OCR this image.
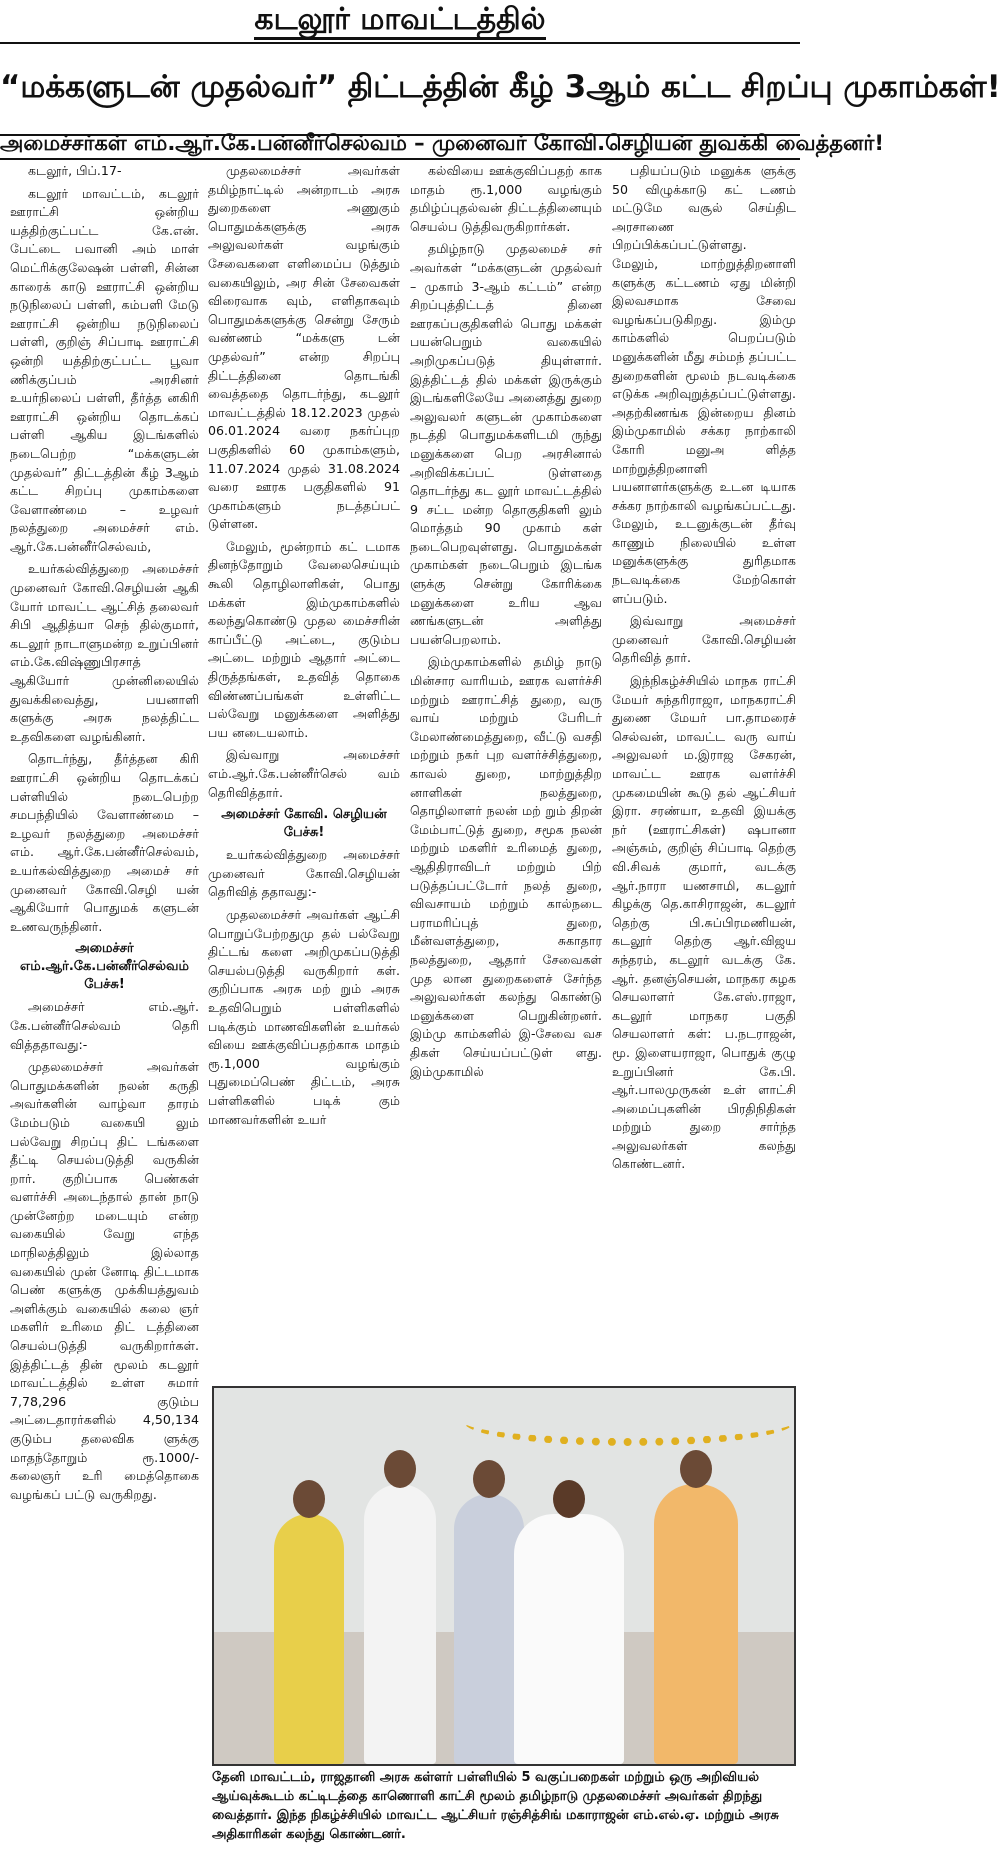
கடலூர் மாவட்டத்தில்
“மக்களுடன் முதல்வர்” திட்டத்தின் கீழ் 3ஆம் கட்ட சிறப்பு முகாம்கள்!
அமைச்சர்கள் எம்.ஆர்.கே.பன்னீர்செல்வம் – முனைவர் கோவி.செழியன் துவக்கி வைத்தனர்!

கடலூர், பிப்.17-

கடலூர் மாவட்டம், கடலூர் ஊராட்சி ஒன்றிய யத்திற்குட்பட்ட கே.என். பேட்டை பவானி அம் மாள் மெட்ரிக்குலேஷன் பள்ளி, சின்ன காரைக் காடு ஊராட்சி ஒன்றிய நடுநிலைப் பள்ளி, கம்பளி மேடு ஊராட்சி ஒன்றிய நடுநிலைப் பள்ளி, குறிஞ் சிப்பாடி ஊராட்சி ஒன்றி யத்திற்குட்பட்ட பூவா ணிக்குப்பம் அரசினர் உயர்நிலைப் பள்ளி, தீர்த்த னகிரி ஊராட்சி ஒன்றிய தொடக்கப் பள்ளி ஆகிய இடங்களில் நடைபெற்ற “மக்களுடன் முதல்வர்” திட்டத்தின் கீழ் 3ஆம் கட்ட சிறப்பு முகாம்களை வேளாண்மை – உழவர் நலத்துறை அமைச்சர் எம். ஆர்.கே.பன்னீர்செல்வம்,

உயர்கல்வித்துறை அமைச்சர் முனைவர் கோவி.செழியன் ஆகி யோர் மாவட்ட ஆட்சித் தலைவர் சிபி ஆதித்யா செந் தில்குமார், கடலூர் நாடாளுமன்ற உறுப்பினர் எம்.கே.விஷ்ணுபிரசாத் ஆகியோர் முன்னிலையில் துவக்கிவைத்து, பயனாளி களுக்கு அரசு நலத்திட்ட உதவிகளை வழங்கினர்.

தொடர்ந்து, தீர்த்தன கிரி ஊராட்சி ஒன்றிய தொடக்கப் பள்ளியில் நடைபெற்ற சமபந்தியில் வேளாண்மை – உழவர் நலத்துறை அமைச்சர் எம். ஆர்.கே.பன்னீர்செல்வம், உயர்கல்வித்துறை அமைச் சர் முனைவர் கோவி.செழி யன் ஆகியோர் பொதுமக் களுடன் உணவருந்தினர்.

அமைச்சர் எம்.ஆர்.கே.பன்னீர்செல்வம் பேச்சு!

அமைச்சர் எம்.ஆர். கே.பன்னீர்செல்வம் தெரி வித்ததாவது:-

முதலமைச்சர் அவர்கள் பொதுமக்களின் நலன் கருதி அவர்களின் வாழ்வா தாரம் மேம்படும் வகையி லும் பல்வேறு சிறப்பு திட் டங்களை தீட்டி செயல்படுத்தி வருகின் றார். குறிப்பாக பெண்கள் வளர்ச்சி அடைந்தால் தான் நாடு முன்னேற்ற மடையும் என்ற வகையில் வேறு எந்த மாநிலத்திலும் இல்லாத வகையில் முன் னோடி திட்டமாக பெண் களுக்கு முக்கியத்துவம் அளிக்கும் வகையில் கலை ஞர் மகளிர் உரிமை திட் டத்தினை செயல்படுத்தி வருகிறார்கள். இத்திட்டத் தின் மூலம் கடலூர் மாவட்டத்தில் உள்ள சுமார் 7,78,296 குடும்ப அட்டைதாரர்களில் 4,50,134 குடும்ப தலைவிக ளுக்கு மாதந்தோறும் ரூ.1000/- கலைஞர் உரி மைத்தொகை வழங்கப் பட்டு வருகிறது.

முதலமைச்சர் அவர்கள் தமிழ்நாட்டில் அன்றாடம் அரசு துறைகளை அணுகும் பொதுமக்களுக்கு அரசு அலுவலர்கள் வழங்கும் சேவைகளை எளிமைப்ப டுத்தும் வகையிலும், அர சின் சேவைகள் விரைவாக வும், எளிதாகவும் பொதுமக்களுக்கு சென்று சேரும் வண்ணம் “மக்களு டன் முதல்வர்” என்ற சிறப்பு திட்டத்தினை தொடங்கி வைத்ததை தொடர்ந்து, கடலூர் மாவட்டத்தில் 18.12.2023 முதல் 06.01.2024 வரை நகர்ப்புற பகுதிகளில் 60 முகாம்களும், 11.07.2024 முதல் 31.08.2024 வரை ஊரக பகுதிகளில் 91 முகாம்களும் நடத்தப்பட் டுள்ளன.

மேலும், மூன்றாம் கட் டமாக தினந்தோறும் வேலைசெய்யும் கூலி தொழிலாளிகள், பொது மக்கள் இம்முகாம்களில் கலந்துகொண்டு முதல மைச்சரின் காப்பீட்டு அட்டை, குடும்ப அட்டை மற்றும் ஆதார் அட்டை திருத்தங்கள், உதவித் தொகை விண்ணப்பங்கள் உள்ளிட்ட பல்வேறு மனுக்களை அளித்து பய னடையலாம்.

இவ்வாறு அமைச்சர் எம்.ஆர்.கே.பன்னீர்செல் வம் தெரிவித்தார்.

அமைச்சர் கோவி. செழியன் பேச்சு!

உயர்கல்வித்துறை அமைச்சர் முனைவர் கோவி.செழியன் தெரிவித் ததாவது:-

முதலமைச்சர் அவர்கள் ஆட்சி பொறுப்பேற்றதுமு தல் பல்வேறு திட்டங் களை அறிமுகப்படுத்தி செயல்படுத்தி வருகிறார் கள். குறிப்பாக அரசு மற் றும் அரசு உதவிபெறும் பள்ளிகளில் படிக்கும் மாணவிகளின் உயர்கல் வியை ஊக்குவிப்பதற்காக மாதம் ரூ.1,000 வழங்கும் புதுமைப்பெண் திட்டம், அரசு பள்ளிகளில் படிக் கும் மாணவர்களின் உயர்

கல்வியை ஊக்குவிப்பதற் காக மாதம் ரூ.1,000 வழங்கும் தமிழ்ப்புதல்வன் திட்டத்தினையும் செயல்ப டுத்திவருகிறார்கள்.

தமிழ்நாடு முதலமைச் சர் அவர்கள் “மக்களுடன் முதல்வர் – முகாம் 3-ஆம் கட்டம்” என்ற சிறப்புத்திட்டத் தினை ஊரகப்பகுதிகளில் பொது மக்கள் பயன்பெறும் வகையில் அறிமுகப்படுத் தியுள்ளார். இத்திட்டத் தில் மக்கள் இருக்கும் இடங்களிலேயே அனைத்து துறை அலுவலர் களுடன் முகாம்களை நடத்தி பொதுமக்களிடமி ருந்து மனுக்களை பெற அரசினால் அறிவிக்கப்பட் டுள்ளதை தொடர்ந்து கட லூர் மாவட்டத்தில் 9 சட்ட மன்ற தொகுதிகளி லும் மொத்தம் 90 முகாம் கள் நடைபெறவுள்ளது. பொதுமக்கள் முகாம்கள் நடைபெறும் இடங்க ளுக்கு சென்று கோரிக்கை மனுக்களை உரிய ஆவ ணங்களுடன் அளித்து பயன்பெறலாம்.

இம்முகாம்களில் தமிழ் நாடு மின்சார வாரியம், ஊரக வளர்ச்சி மற்றும் ஊராட்சித் துறை, வரு வாய் மற்றும் பேரிடர் மேலாண்மைத்துறை, வீட்டு வசதி மற்றும் நகர் புற வளர்ச்சித்துறை, காவல் துறை, மாற்றுத்திற னாளிகள் நலத்துறை, தொழிலாளர் நலன் மற் றும் திறன் மேம்பாட்டுத் துறை, சமூக நலன் மற்றும் மகளிர் உரிமைத் துறை, ஆதிதிராவிடர் மற்றும் பிற் படுத்தப்பட்டோர் நலத் துறை, விவசாயம் மற்றும் கால்நடை பராமரிப்புத் துறை, மீன்வளத்துறை, சுகாதார நலத்துறை, ஆதார் சேவைகள் முத லான துறைகளைச் சேர்ந்த அலுவலர்கள் கலந்து கொண்டு மனுக்களை பெறுகின்றனர். இம்மு காம்களில் இ-சேவை வச திகள் செய்யப்பட்டுள் ளது. இம்முகாமில்

பதியப்படும் மனுக்க ளுக்கு 50 விழுக்காடு கட் டணம் மட்டுமே வசூல் செய்திட அரசாணை பிறப்பிக்கப்பட்டுள்ளது. மேலும், மாற்றுத்திறனாளி களுக்கு கட்டணம் ஏது மின்றி இலவசமாக சேவை வழங்கப்படுகிறது. இம்மு காம்களில் பெறப்படும் மனுக்களின் மீது சம்மந் தப்பட்ட துறைகளின் மூலம் நடவடிக்கை எடுக்க அறிவுறுத்தப்பட்டுள்ளது. அதற்கிணங்க இன்றைய தினம் இம்முகாமில் சக்கர நாற்காலி கோரி மனுஅ ளித்த மாற்றுத்திறனாளி பயனாளர்களுக்கு உடன டியாக சக்கர நாற்காலி வழங்கப்பட்டது. மேலும், உடனுக்குடன் தீர்வு காணும் நிலையில் உள்ள மனுக்களுக்கு துரிதமாக நடவடிக்கை மேற்கொள் ளப்படும்.

இவ்வாறு அமைச்சர் முனைவர் கோவி.செழியன் தெரிவித் தார்.

இந்நிகழ்ச்சியில் மாநக ராட்சி மேயர் சுந்தரிராஜா, மாநகராட்சி துணை மேயர் பா.தாமரைச் செல்வன், மாவட்ட வரு வாய் அலுவலர் ம.இராஜ சேகரன், மாவட்ட ஊரக வளர்ச்சி முகமையின் கூடு தல் ஆட்சியர் இரா. சரண்யா, உதவி இயக்கு நர் (ஊராட்சிகள்) ஷபானா அஞ்சும், குறிஞ் சிப்பாடி தெற்கு வி.சிவக் குமார், வடக்கு ஆர்.நாரா யணசாமி, கடலூர் கிழக்கு தெ.காசிராஜன், கடலூர் தெற்கு பி.சுப்பிரமணியன், கடலூர் தெற்கு ஆர்.விஜய சுந்தரம், கடலூர் வடக்கு கே. ஆர். தனஞ்செயன், மாநகர கழக செயலாளர் கே.எஸ்.ராஜா, கடலூர் மாநகர பகுதி செயலாளர் கள்: ப.நடராஜன், மூ. இளையராஜா, பொதுக் குழு உறுப்பினர் கே.பி. ஆர்.பாலமுருகன் உள் ளாட்சி அமைப்புகளின் பிரதிநிதிகள் மற்றும் துறை சார்ந்த அலுவலர்கள் கலந்து கொண்டனர்.

தேனி மாவட்டம், ராஜதானி அரசு கள்ளர் பள்ளியில் 5 வகுப்பறைகள் மற்றும் ஒரு அறிவியல் ஆய்வுக்கூடம் கட்டிடத்தை காணொளி காட்சி மூலம் தமிழ்நாடு முதலமைச்சர் அவர்கள் திறந்து வைத்தார். இந்த நிகழ்ச்சியில் மாவட்ட ஆட்சியர் ரஞ்சித்சிங் மகாராஜன் எம்.எல்.ஏ. மற்றும் அரசு அதிகாரிகள் கலந்து கொண்டனர்.
